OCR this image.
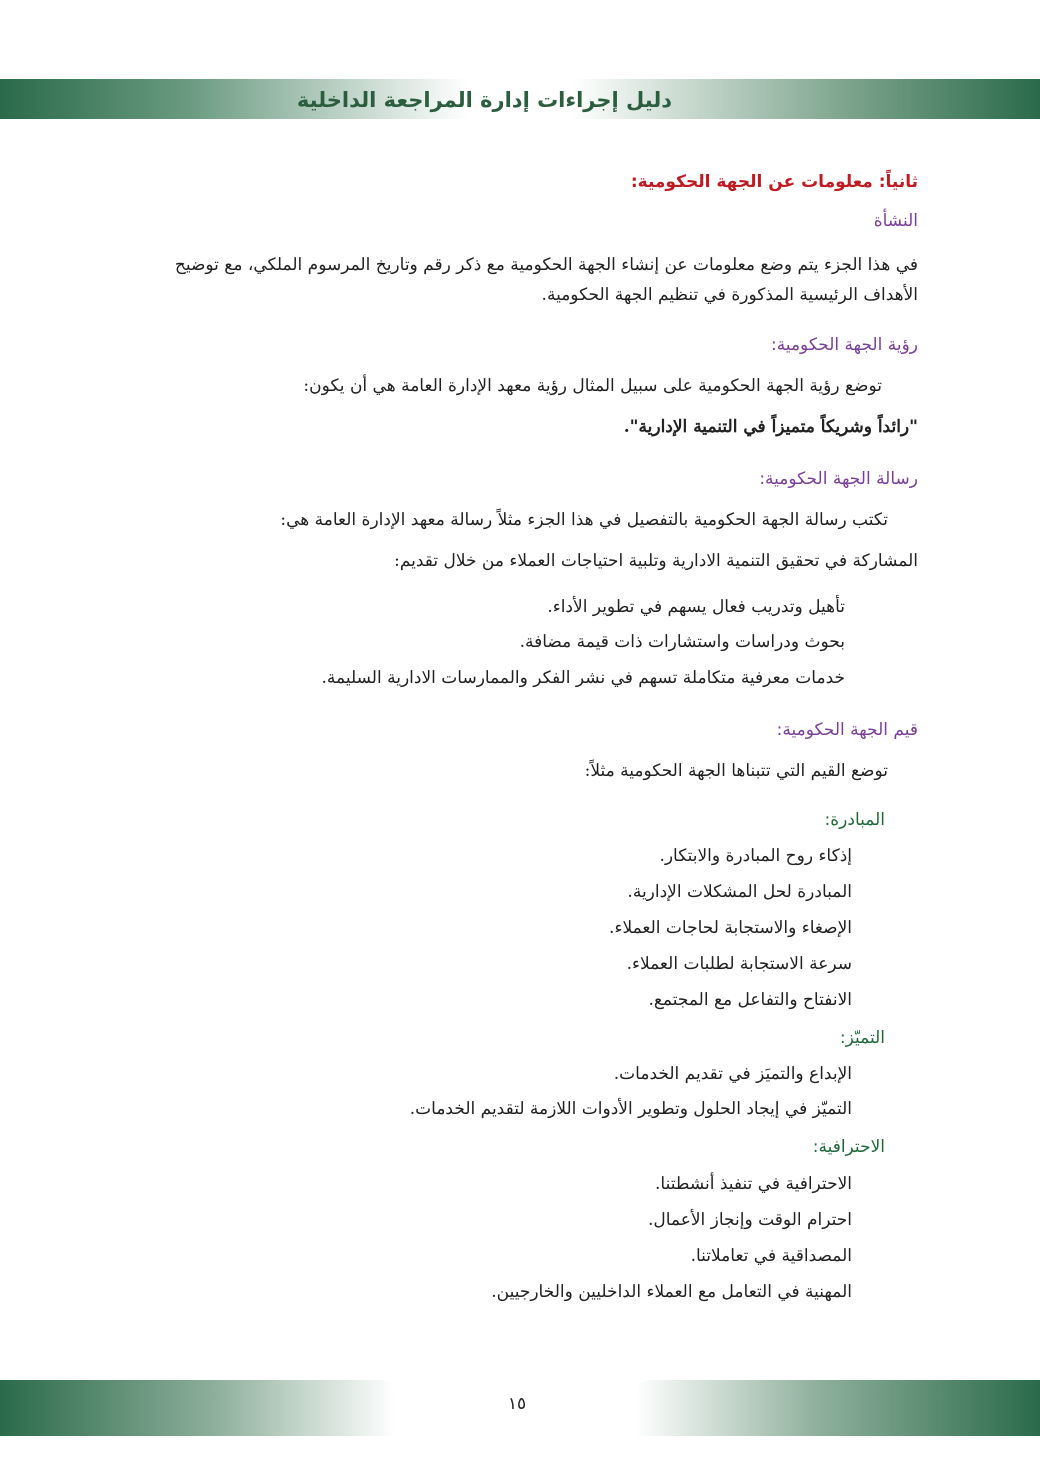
دليل إجراءات إدارة المراجعة الداخلية
ثانياً: معلومات عن الجهة الحكومية:
النشأة
في هذا الجزء يتم وضع معلومات عن إنشاء الجهة الحكومية مع ذكر رقم وتاريخ المرسوم الملكي، مع توضيح
الأهداف الرئيسية المذكورة في تنظيم الجهة الحكومية.
رؤية الجهة الحكومية:
توضع رؤية الجهة الحكومية على سبيل المثال رؤية معهد الإدارة العامة هي أن يكون:
"رائداً وشريكاً متميزاً في التنمية الإدارية".
رسالة الجهة الحكومية:
تكتب رسالة الجهة الحكومية بالتفصيل في هذا الجزء مثلاً رسالة معهد الإدارة العامة هي:
المشاركة في تحقيق التنمية الادارية وتلبية احتياجات العملاء من خلال تقديم:
تأهيل وتدريب فعال يسهم في تطوير الأداء.
بحوث ودراسات واستشارات ذات قيمة مضافة.
خدمات معرفية متكاملة تسهم في نشر الفكر والممارسات الادارية السليمة.
قيم الجهة الحكومية:
توضع القيم التي تتبناها الجهة الحكومية مثلاً:
المبادرة:
إذكاء روح المبادرة والابتكار.
المبادرة لحل المشكلات الإدارية.
الإصغاء والاستجابة لحاجات العملاء.
سرعة الاستجابة لطلبات العملاء.
الانفتاح والتفاعل مع المجتمع.
التميّز:
الإبداع والتميَز في تقديم الخدمات.
التميّز في إيجاد الحلول وتطوير الأدوات اللازمة لتقديم الخدمات.
الاحترافية:
الاحترافية في تنفيذ أنشطتنا.
احترام الوقت وإنجاز الأعمال.
المصداقية في تعاملاتنا.
المهنية في التعامل مع العملاء الداخليين والخارجيين.
١٥
